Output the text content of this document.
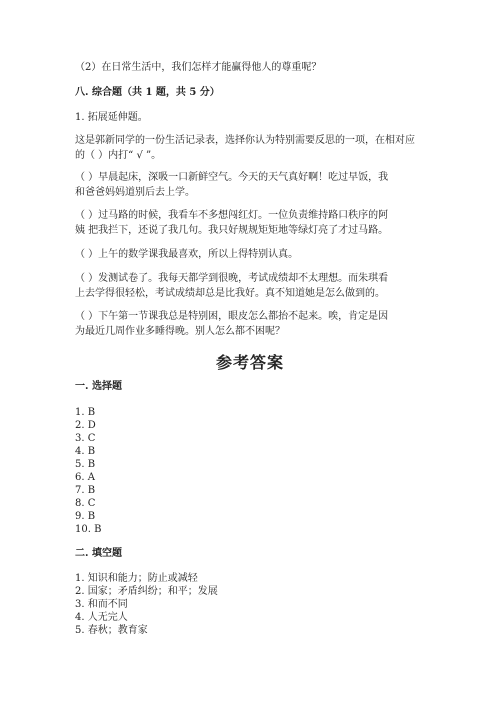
（2）在日常生活中，我们怎样才能赢得他人的尊重呢？

八. 综合题（共 1 题，共 5 分）

1. 拓展延伸题。

这是郭新同学的一份生活记录表，选择你认为特别需要反思的一项，在相对应

的（ ）内打“ √ ”。

（ ）早晨起床，深吸一口新鲜空气。今天的天气真好啊！吃过早饭，我

和爸爸妈妈道别后去上学。

（ ）过马路的时候，我看车不多想闯红灯。一位负责维持路口秩序的阿

姨 把我拦下，还说了我几句。我只好规规矩矩地等绿灯亮了才过马路。

（ ）上午的数学课我最喜欢，所以上得特别认真。

（ ）发测试卷了。我每天都学到很晚，考试成绩却不太理想。而朱琪看

上去学得很轻松，考试成绩却总是比我好。真不知道她是怎么做到的。

（ ）下午第一节课我总是特别困，眼皮怎么都抬不起来。唉，肯定是因

为最近几周作业多睡得晚。别人怎么都不困呢？

参考答案

一. 选择题

1. B

2. D

3. C

4. B

5. B

6. A

7. B

8. C

9. B

10. B

二. 填空题

1. 知识和能力；防止或减轻

2. 国家；矛盾纠纷；和平；发展

3. 和而不同

4. 人无完人

5. 春秋；教育家
